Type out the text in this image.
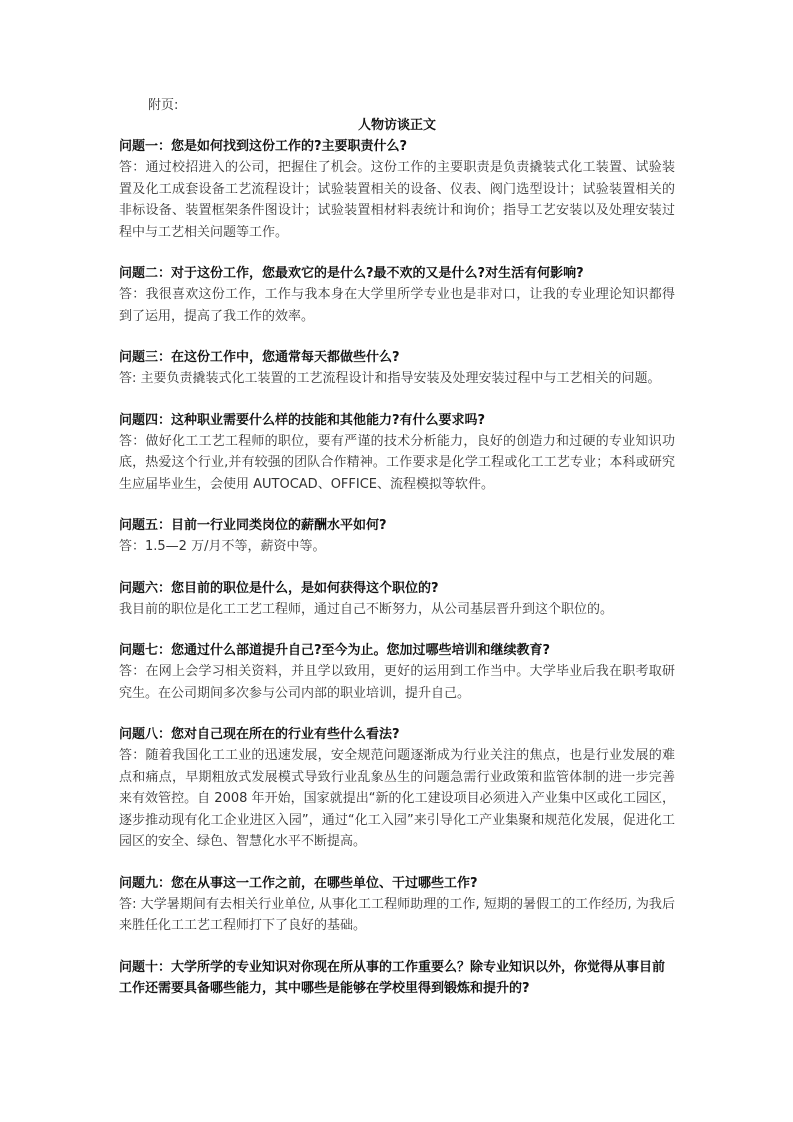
附页:
人物访谈正文
问题一：您是如何找到这份工作的?主要职责什么?
答：通过校招进入的公司，把握住了机会。这份工作的主要职责是负责撬装式化工装置、试验装置及化工成套设备工艺流程设计；试验装置相关的设备、仪表、阀门选型设计；试验装置相关的非标设备、装置框架条件图设计；试验装置相材料表统计和询价；指导工艺安装以及处理安装过程中与工艺相关问题等工作。
问题二：对于这份工作，您最欢它的是什么?最不欢的又是什么?对生活有何影响?
答：我很喜欢这份工作，工作与我本身在大学里所学专业也是非对口，让我的专业理论知识都得到了运用，提高了我工作的效率。
问题三：在这份工作中，您通常每天都做些什么?
答: 主要负责撬装式化工装置的工艺流程设计和指导安装及处理安装过程中与工艺相关的问题。
问题四：这种职业需要什么样的技能和其他能力?有什么要求吗?
答：做好化工工艺工程师的职位，要有严谨的技术分析能力，良好的创造力和过硬的专业知识功底，热爱这个行业,并有较强的团队合作精神。工作要求是化学工程或化工工艺专业；本科或研究生应届毕业生，会使用 AUTOCAD、OFFICE、流程模拟等软件。
问题五：目前一行业同类岗位的薪酬水平如何?
答：1.5—2 万/月不等，薪资中等。
问题六：您目前的职位是什么，是如何获得这个职位的?
我目前的职位是化工工艺工程师，通过自己不断努力，从公司基层晋升到这个职位的。
问题七：您通过什么部道提升自己?至今为止。您加过哪些培训和继续教育?
答：在网上会学习相关资料，并且学以致用，更好的运用到工作当中。大学毕业后我在职考取研究生。在公司期间多次参与公司内部的职业培训，提升自己。
问题八：您对自己现在所在的行业有些什么看法?
答：随着我国化工工业的迅速发展，安全规范问题逐渐成为行业关注的焦点，也是行业发展的难点和痛点，早期粗放式发展模式导致行业乱象丛生的问题急需行业政策和监管体制的进一步完善来有效管控。自 2008 年开始，国家就提出“新的化工建设项目必须进入产业集中区或化工园区，逐步推动现有化工企业进区入园”，通过“化工入园”来引导化工产业集聚和规范化发展，促进化工园区的安全、绿色、智慧化水平不断提高。
问题九：您在从事这一工作之前，在哪些单位、干过哪些工作?
答: 大学暑期间有去相关行业单位, 从事化工工程师助理的工作, 短期的暑假工的工作经历, 为我后来胜任化工工艺工程师打下了良好的基础。
问题十：大学所学的专业知识对你现在所从事的工作重要么？除专业知识以外，你觉得从事目前工作还需要具备哪些能力，其中哪些是能够在学校里得到锻炼和提升的?
